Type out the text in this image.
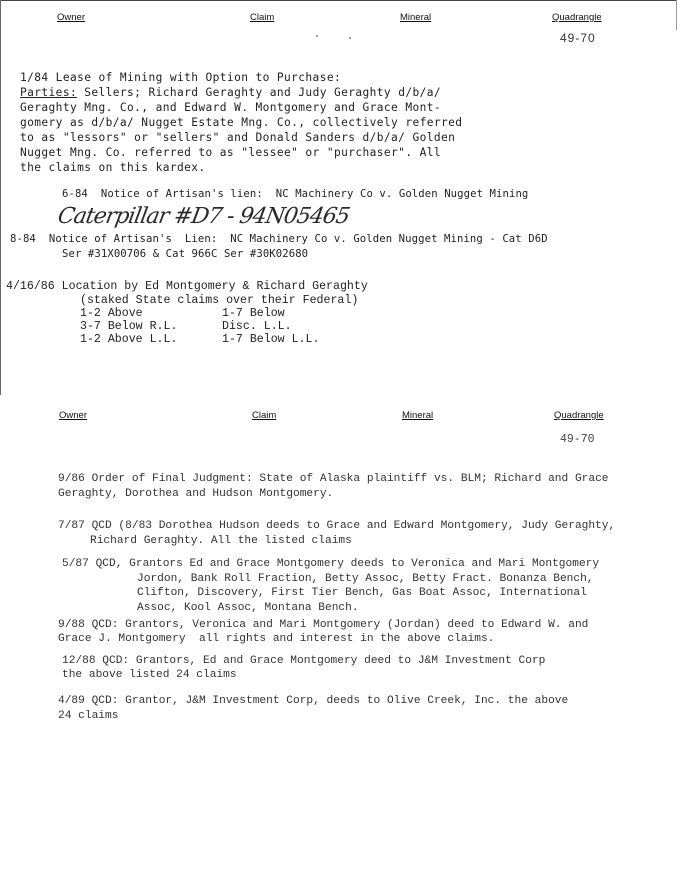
Owner	Claim	Mineral	Quadrangle
49-70
1/84 Lease of Mining with Option to Purchase:
Parties: Sellers; Richard Geraghty and Judy Geraghty d/b/a/
Geraghty Mng. Co., and Edward W. Montgomery and Grace Mont-
gomery as d/b/a/ Nugget Estate Mng. Co., collectively referred
to as "lessors" or "sellers" and Donald Sanders d/b/a/ Golden
Nugget Mng. Co. referred to as "lessee" or "purchaser". All
the claims on this kardex.
6-84  Notice of Artisan's lien:  NC Machinery Co v. Golden Nugget Mining
Caterpillar #D7 - 94N05465
8-84  Notice of Artisan's  Lien:  NC Machinery Co v. Golden Nugget Mining - Cat D6D
Ser #31X00706 & Cat 966C Ser #30K02680
4/16/86 Location by Ed Montgomery & Richard Geraghty
(staked State claims over their Federal)
1-2 Above	1-7 Below
3-7 Below R.L.	Disc. L.L.
1-2 Above L.L.	1-7 Below L.L.
Owner	Claim	Mineral	Quadrangle
49-70
9/86 Order of Final Judgment: State of Alaska plaintiff vs. BLM; Richard and Grace
Geraghty, Dorothea and Hudson Montgomery.
7/87 QCD (8/83 Dorothea Hudson deeds to Grace and Edward Montgomery, Judy Geraghty,
Richard Geraghty. All the listed claims
5/87 QCD, Grantors Ed and Grace Montgomery deeds to Veronica and Mari Montgomery
Jordon, Bank Roll Fraction, Betty Assoc, Betty Fract. Bonanza Bench,
Clifton, Discovery, First Tier Bench, Gas Boat Assoc, International
Assoc, Kool Assoc, Montana Bench.
9/88 QCD: Grantors, Veronica and Mari Montgomery (Jordan) deed to Edward W. and
Grace J. Montgomery  all rights and interest in the above claims.
12/88 QCD: Grantors, Ed and Grace Montgomery deed to J&M Investment Corp
the above listed 24 claims
4/89 QCD: Grantor, J&M Investment Corp, deeds to Olive Creek, Inc. the above
24 claims
